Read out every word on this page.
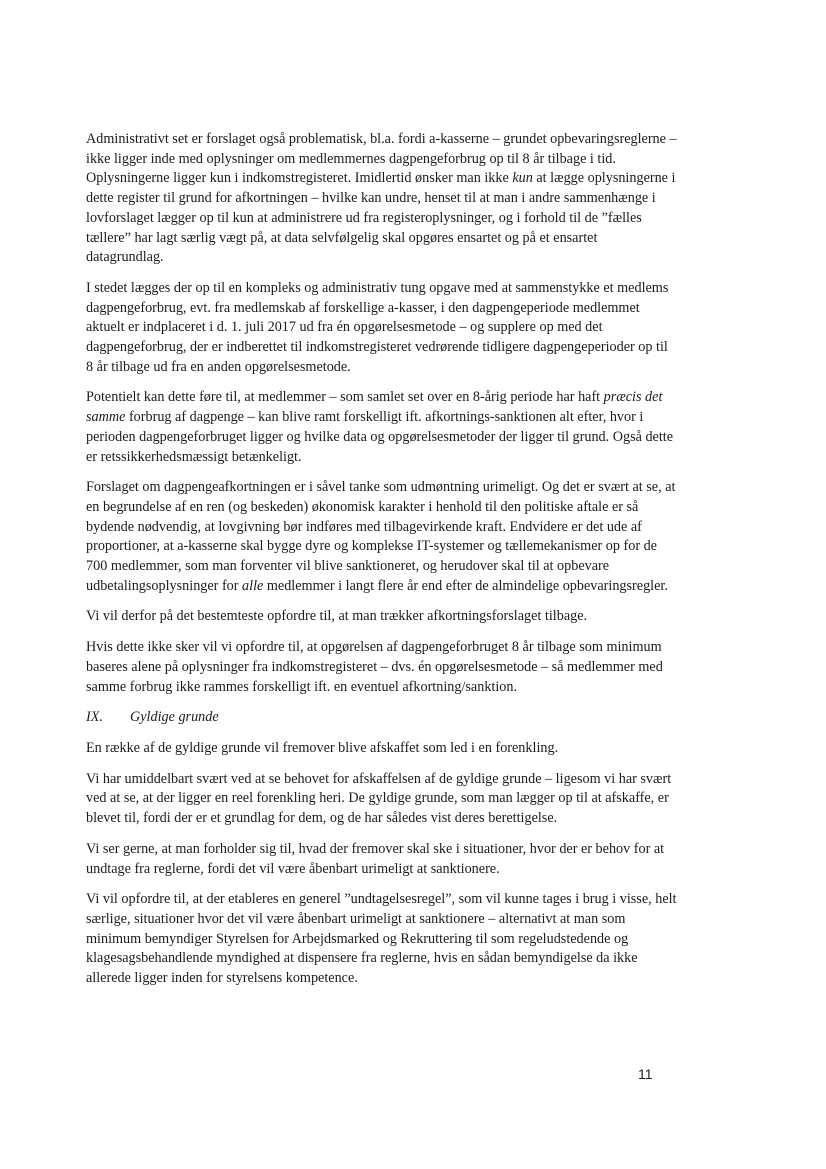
Administrativt set er forslaget også problematisk, bl.a. fordi a-kasserne – grundet opbevaringsreglerne – ikke ligger inde med oplysninger om medlemmernes dagpengeforbrug op til 8 år tilbage i tid. Oplysningerne ligger kun i indkomstregisteret. Imidlertid ønsker man ikke kun at lægge oplysningerne i dette register til grund for afkortningen – hvilke kan undre, henset til at man i andre sammenhænge i lovforslaget lægger op til kun at administrere ud fra registeroplysninger, og i forhold til de ”fælles tællere” har lagt særlig vægt på, at data selvfølgelig skal opgøres ensartet og på et ensartet datagrundlag.

I stedet lægges der op til en kompleks og administrativ tung opgave med at sammenstykke et medlems dagpengeforbrug, evt. fra medlemskab af forskellige a-kasser, i den dagpengeperiode medlemmet aktuelt er indplaceret i d. 1. juli 2017 ud fra én opgørelsesmetode – og supplere op med det dagpengeforbrug, der er indberettet til indkomstregisteret vedrørende tidligere dagpengeperioder op til 8 år tilbage ud fra en anden opgørelsesmetode.

Potentielt kan dette føre til, at medlemmer – som samlet set over en 8-årig periode har haft præcis det samme forbrug af dagpenge – kan blive ramt forskelligt ift. afkortnings-sanktionen alt efter, hvor i perioden dagpengeforbruget ligger og hvilke data og opgørelsesmetoder der ligger til grund. Også dette er retssikkerhedsmæssigt betænkeligt.

Forslaget om dagpengeafkortningen er i såvel tanke som udmøntning urimeligt. Og det er svært at se, at en begrundelse af en ren (og beskeden) økonomisk karakter i henhold til den politiske aftale er så bydende nødvendig, at lovgivning bør indføres med tilbagevirkende kraft. Endvidere er det ude af proportioner, at a-kasserne skal bygge dyre og komplekse IT-systemer og tællemekanismer op for de 700 medlemmer, som man forventer vil blive sanktioneret, og herudover skal til at opbevare udbetalingsoplysninger for alle medlemmer i langt flere år end efter de almindelige opbevaringsregler.

Vi vil derfor på det bestemteste opfordre til, at man trækker afkortningsforslaget tilbage.

Hvis dette ikke sker vil vi opfordre til, at opgørelsen af dagpengeforbruget 8 år tilbage som minimum baseres alene på oplysninger fra indkomstregisteret – dvs. én opgørelsesmetode – så medlemmer med samme forbrug ikke rammes forskelligt ift. en eventuel afkortning/sanktion.

IX. Gyldige grunde

En række af de gyldige grunde vil fremover blive afskaffet som led i en forenkling.

Vi har umiddelbart svært ved at se behovet for afskaffelsen af de gyldige grunde – ligesom vi har svært ved at se, at der ligger en reel forenkling heri. De gyldige grunde, som man lægger op til at afskaffe, er blevet til, fordi der er et grundlag for dem, og de har således vist deres berettigelse.

Vi ser gerne, at man forholder sig til, hvad der fremover skal ske i situationer, hvor der er behov for at undtage fra reglerne, fordi det vil være åbenbart urimeligt at sanktionere.

Vi vil opfordre til, at der etableres en generel ”undtagelsesregel”, som vil kunne tages i brug i visse, helt særlige, situationer hvor det vil være åbenbart urimeligt at sanktionere – alternativt at man som minimum bemyndiger Styrelsen for Arbejdsmarked og Rekruttering til som regeludstedende og klagesagsbehandlende myndighed at dispensere fra reglerne, hvis en sådan bemyndigelse da ikke allerede ligger inden for styrelsens kompetence.

11
